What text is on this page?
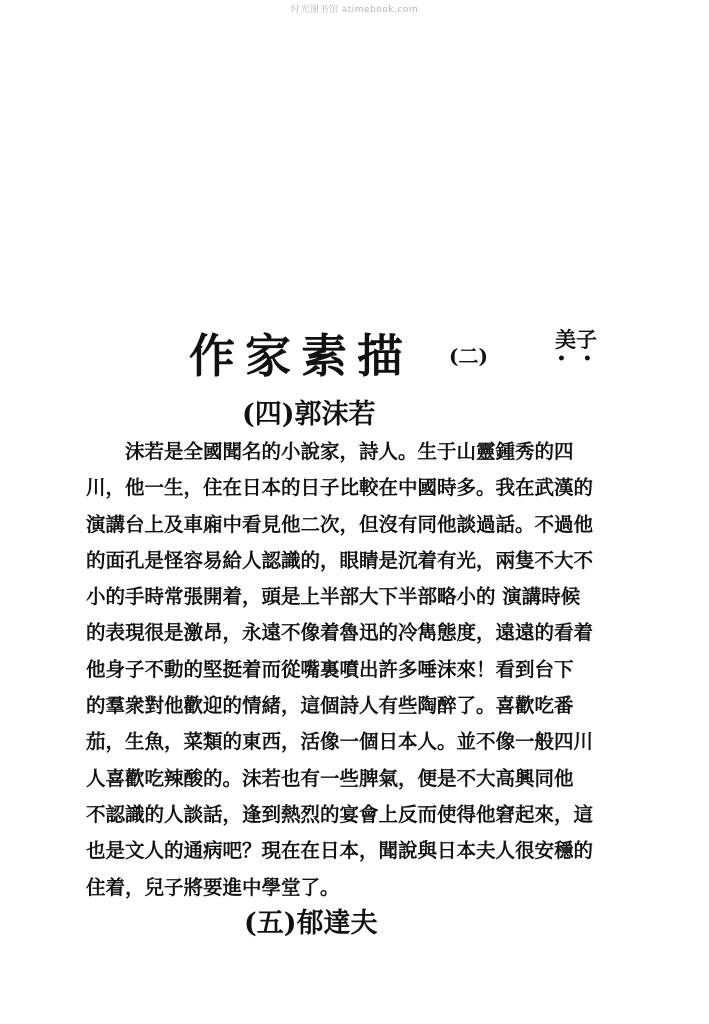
时光图书馆 atimebook.com
作家素描 (二)
美子
• •
(四)郭沫若
沫若是全國聞名的小說家，詩人。生于山靈鍾秀的四
川，他一生，住在日本的日子比較在中國時多。我在武漢的
演講台上及車廂中看見他二次，但沒有同他談過話。不過他
的面孔是怪容易給人認識的，眼睛是沉着有光，兩隻不大不
小的手時常張開着，頭是上半部大下半部略小的 演講時候
的表現很是激昂，永遠不像着魯迅的冷雋態度，遠遠的看着
他身子不動的堅挺着而從嘴裏噴出許多唾沫來！看到台下
的羣衆對他歡迎的情緒，這個詩人有些陶醉了。喜歡吃番
茄，生魚，菜類的東西，活像一個日本人。並不像一般四川
人喜歡吃辣酸的。沫若也有一些脾氣，便是不大高興同他
不認識的人談話，逢到熱烈的宴會上反而使得他窘起來，這
也是文人的通病吧？現在在日本，聞說與日本夫人很安穩的
住着，兒子將要進中學堂了。
(五)郁達夫
